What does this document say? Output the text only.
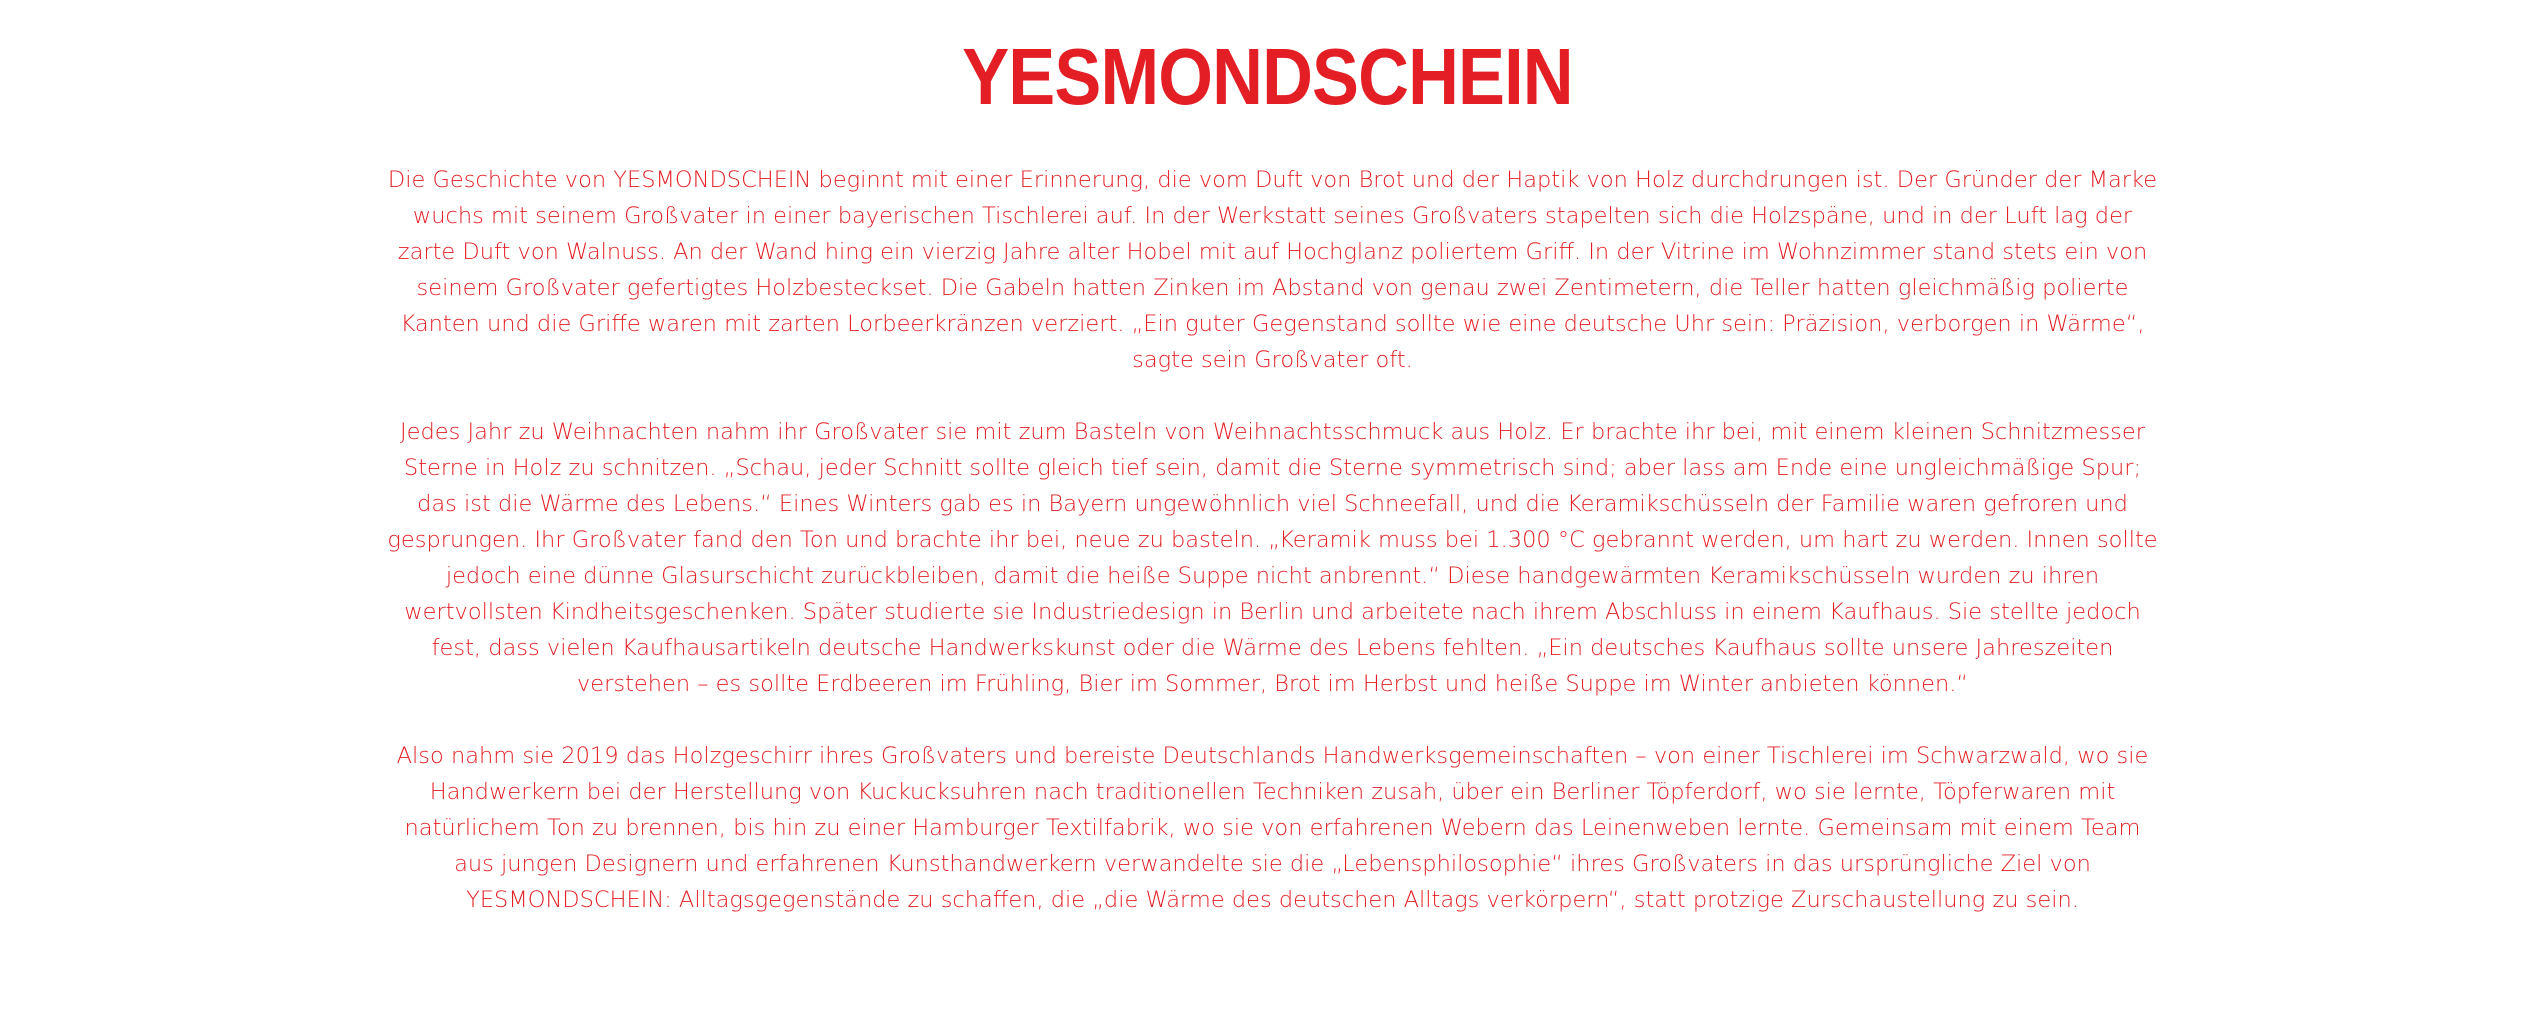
YESMONDSCHEIN

Die Geschichte von YESMONDSCHEIN beginnt mit einer Erinnerung, die vom Duft von Brot und der Haptik von Holz durchdrungen ist. Der Gründer der Marke wuchs mit seinem Großvater in einer bayerischen Tischlerei auf. In der Werkstatt seines Großvaters stapelten sich die Holzspäne, und in der Luft lag der zarte Duft von Walnuss. An der Wand hing ein vierzig Jahre alter Hobel mit auf Hochglanz poliertem Griff. In der Vitrine im Wohnzimmer stand stets ein von seinem Großvater gefertigtes Holzbesteckset. Die Gabeln hatten Zinken im Abstand von genau zwei Zentimetern, die Teller hatten gleichmäßig polierte Kanten und die Griffe waren mit zarten Lorbeerkränzen verziert. „Ein guter Gegenstand sollte wie eine deutsche Uhr sein: Präzision, verborgen in Wärme“, sagte sein Großvater oft.

Jedes Jahr zu Weihnachten nahm ihr Großvater sie mit zum Basteln von Weihnachtsschmuck aus Holz. Er brachte ihr bei, mit einem kleinen Schnitzmesser Sterne in Holz zu schnitzen. „Schau, jeder Schnitt sollte gleich tief sein, damit die Sterne symmetrisch sind; aber lass am Ende eine ungleichmäßige Spur; das ist die Wärme des Lebens.“ Eines Winters gab es in Bayern ungewöhnlich viel Schneefall, und die Keramikschüsseln der Familie waren gefroren und gesprungen. Ihr Großvater fand den Ton und brachte ihr bei, neue zu basteln. „Keramik muss bei 1.300 °C gebrannt werden, um hart zu werden. Innen sollte jedoch eine dünne Glasurschicht zurückbleiben, damit die heiße Suppe nicht anbrennt.“ Diese handgewärmten Keramikschüsseln wurden zu ihren wertvollsten Kindheitsgeschenken. Später studierte sie Industriedesign in Berlin und arbeitete nach ihrem Abschluss in einem Kaufhaus. Sie stellte jedoch fest, dass vielen Kaufhausartikeln deutsche Handwerkskunst oder die Wärme des Lebens fehlten. „Ein deutsches Kaufhaus sollte unsere Jahreszeiten verstehen – es sollte Erdbeeren im Frühling, Bier im Sommer, Brot im Herbst und heiße Suppe im Winter anbieten können.“

Also nahm sie 2019 das Holzgeschirr ihres Großvaters und bereiste Deutschlands Handwerksgemeinschaften – von einer Tischlerei im Schwarzwald, wo sie Handwerkern bei der Herstellung von Kuckucksuhren nach traditionellen Techniken zusah, über ein Berliner Töpferdorf, wo sie lernte, Töpferwaren mit natürlichem Ton zu brennen, bis hin zu einer Hamburger Textilfabrik, wo sie von erfahrenen Webern das Leinenweben lernte. Gemeinsam mit einem Team aus jungen Designern und erfahrenen Kunsthandwerkern verwandelte sie die „Lebensphilosophie“ ihres Großvaters in das ursprüngliche Ziel von YESMONDSCHEIN: Alltagsgegenstände zu schaffen, die „die Wärme des deutschen Alltags verkörpern“, statt protzige Zurschaustellung zu sein.
